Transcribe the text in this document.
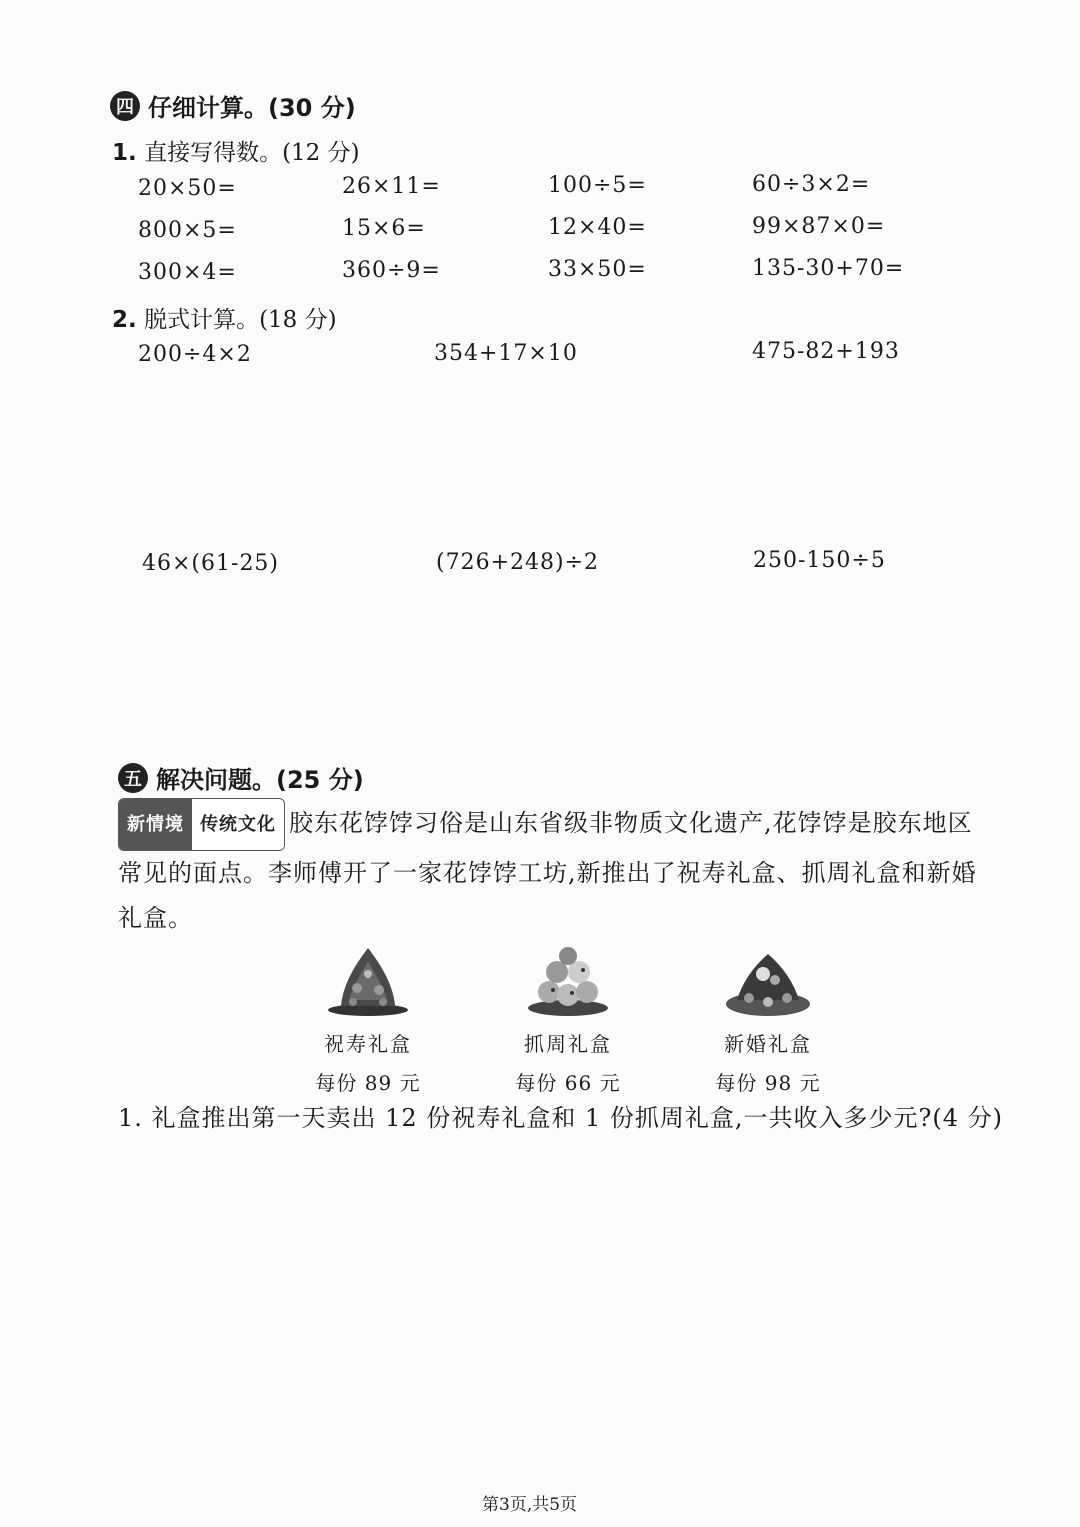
四 仔细计算。(30 分)
1. 直接写得数。(12 分)
20×50=	26×11=	100÷5=	60÷3×2=
800×5=	15×6=	12×40=	99×87×0=
300×4=	360÷9=	33×50=	135-30+70=
2. 脱式计算。(18 分)
200÷4×2	354+17×10	475-82+193
46×(61-25)	(726+248)÷2	250-150÷5
五 解决问题。(25 分)
新情境 传统文化 胶东花饽饽习俗是山东省级非物质文化遗产,花饽饽是胶东地区
常见的面点。李师傅开了一家花饽饽工坊,新推出了祝寿礼盒、抓周礼盒和新婚
礼盒。
祝寿礼盒
每份 89 元
抓周礼盒
每份 66 元
新婚礼盒
每份 98 元
1. 礼盒推出第一天卖出 12 份祝寿礼盒和 1 份抓周礼盒,一共收入多少元?(4 分)
第3页,共5页
